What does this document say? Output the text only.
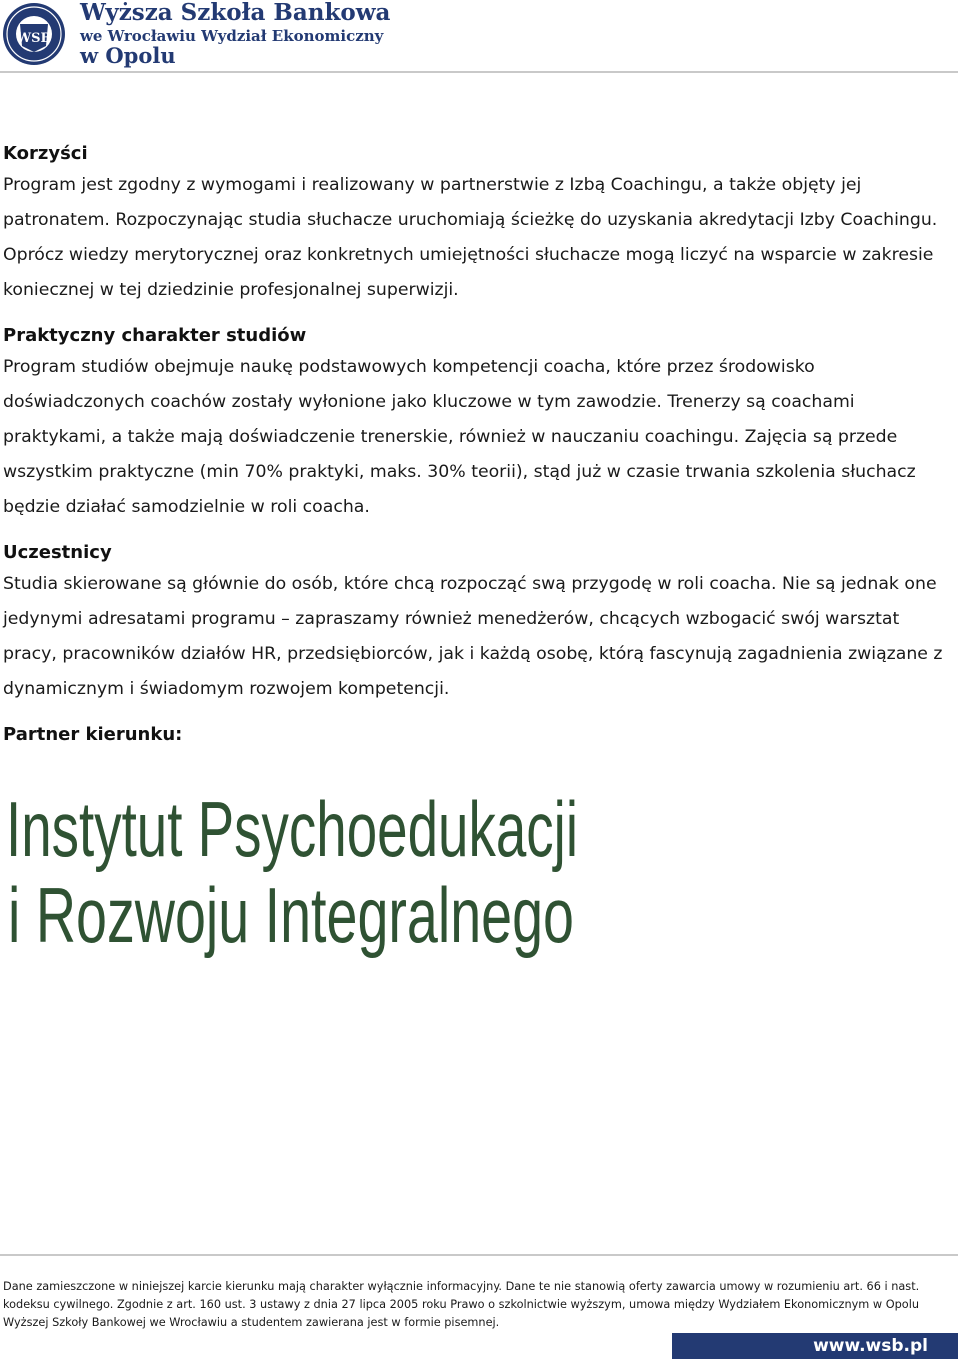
WSB
Wyższa Szkoła Bankowa
we Wrocławiu Wydział Ekonomiczny
w Opolu
Korzyści

Program jest zgodny z wymogami i realizowany w partnerstwie z Izbą Coachingu, a także objęty jej patronatem. Rozpoczynając studia słuchacze uruchomiają ścieżkę do uzyskania akredytacji Izby Coachingu. Oprócz wiedzy merytorycznej oraz konkretnych umiejętności słuchacze mogą liczyć na wsparcie w zakresie koniecznej w tej dziedzinie profesjonalnej superwizji.

Praktyczny charakter studiów

Program studiów obejmuje naukę podstawowych kompetencji coacha, które przez środowisko doświadczonych coachów zostały wyłonione jako kluczowe w tym zawodzie. Trenerzy są coachami praktykami, a także mają doświadczenie trenerskie, również w nauczaniu coachingu. Zajęcia są przede wszystkim praktyczne (min 70% praktyki, maks. 30% teorii), stąd już w czasie trwania szkolenia słuchacz będzie działać samodzielnie w roli coacha.

Uczestnicy

Studia skierowane są głównie do osób, które chcą rozpocząć swą przygodę w roli coacha. Nie są jednak one jedynymi adresatami programu – zapraszamy również menedżerów, chcących wzbogacić swój warsztat pracy, pracowników działów HR, przedsiębiorców, jak i każdą osobę, którą fascynują zagadnienia związane z dynamicznym i świadomym rozwojem kompetencji.

Partner kierunku:
Instytut Psychoedukacji
i Rozwoju Integralnego
Dane zamieszczone w niniejszej karcie kierunku mają charakter wyłącznie informacyjny. Dane te nie stanowią oferty zawarcia umowy w rozumieniu art. 66 i nast. kodeksu cywilnego. Zgodnie z art. 160 ust. 3 ustawy z dnia 27 lipca 2005 roku Prawo o szkolnictwie wyższym, umowa między Wydziałem Ekonomicznym w Opolu Wyższej Szkoły Bankowej we Wrocławiu a studentem zawierana jest w formie pisemnej.
www.wsb.pl
